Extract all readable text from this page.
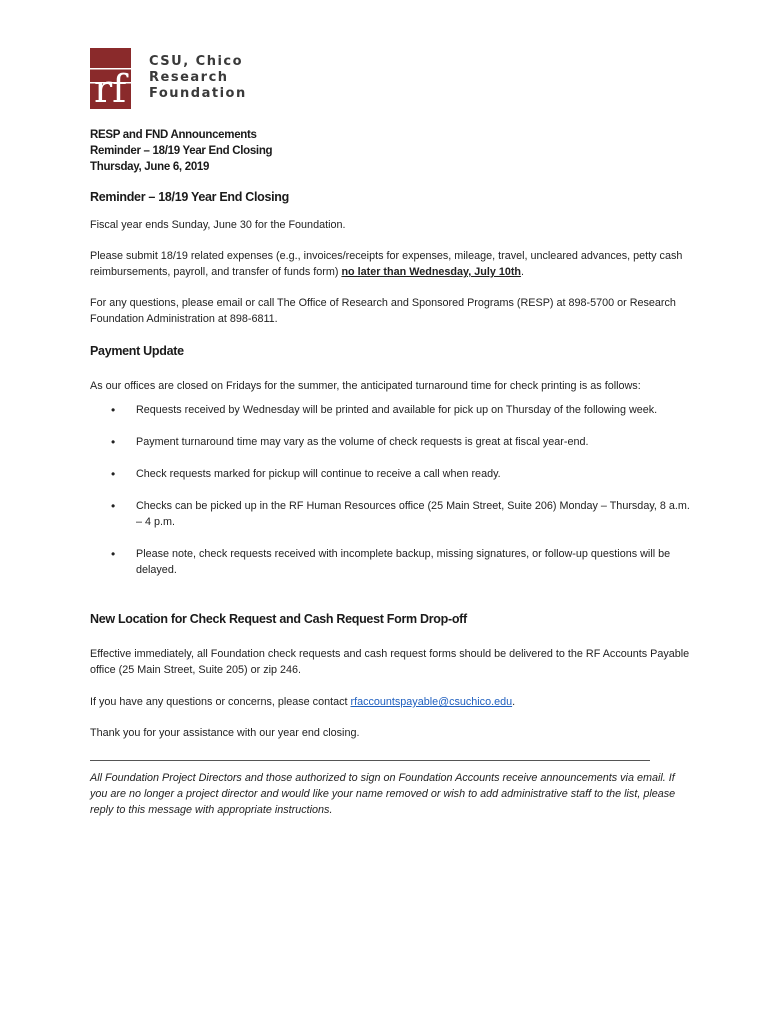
rf
CSU, Chico
Research
Foundation
RESP and FND Announcements
Reminder – 18/19 Year End Closing
Thursday, June 6, 2019
Reminder – 18/19 Year End Closing
Fiscal year ends Sunday, June 30 for the Foundation.
Please submit 18/19 related expenses (e.g., invoices/receipts for expenses, mileage, travel, uncleared advances, petty cash reimbursements, payroll, and transfer of funds form) no later than Wednesday, July 10th.
For any questions, please email or call The Office of Research and Sponsored Programs (RESP) at 898-5700 or Research Foundation Administration at 898-6811.
Payment Update
As our offices are closed on Fridays for the summer, the anticipated turnaround time for check printing is as follows:
• Requests received by Wednesday will be printed and available for pick up on Thursday of the following week.
• Payment turnaround time may vary as the volume of check requests is great at fiscal year-end.
• Check requests marked for pickup will continue to receive a call when ready.
• Checks can be picked up in the RF Human Resources office (25 Main Street, Suite 206) Monday – Thursday, 8 a.m. – 4 p.m.
• Please note, check requests received with incomplete backup, missing signatures, or follow-up questions will be delayed.
New Location for Check Request and Cash Request Form Drop-off
Effective immediately, all Foundation check requests and cash request forms should be delivered to the RF Accounts Payable office (25 Main Street, Suite 205) or zip 246.
If you have any questions or concerns, please contact rfaccountspayable@csuchico.edu.
Thank you for your assistance with our year end closing.
All Foundation Project Directors and those authorized to sign on Foundation Accounts receive announcements via email. If you are no longer a project director and would like your name removed or wish to add administrative staff to the list, please reply to this message with appropriate instructions.
